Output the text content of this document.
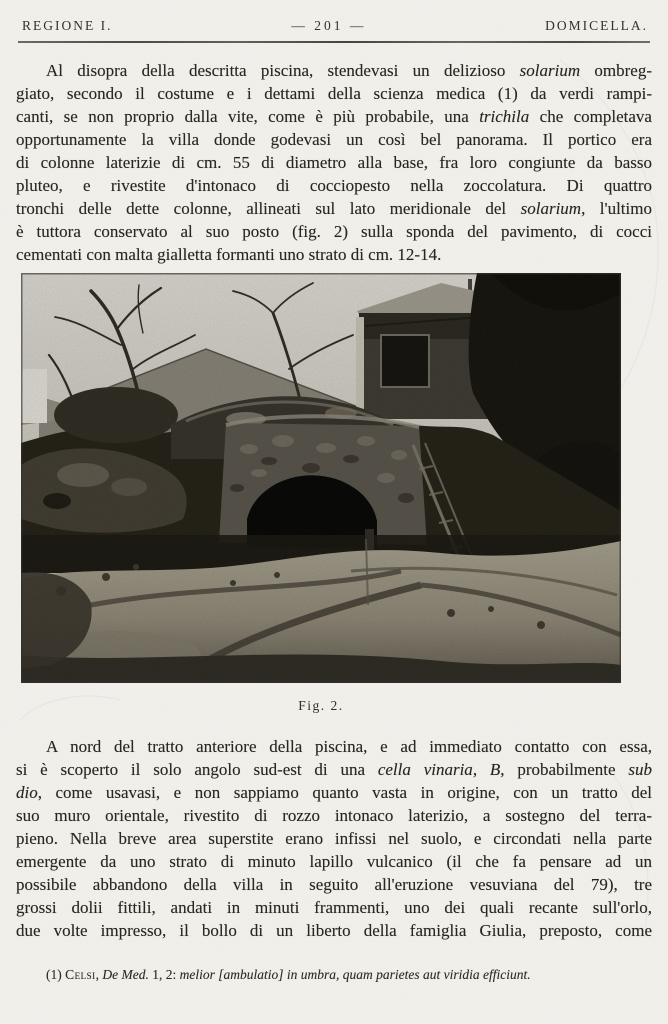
REGIONE I.	— 201 —	DOMICELLA.
Al disopra della descritta piscina, stendevasi un delizioso solarium ombreg-
giato, secondo il costume e i dettami della scienza medica (1) da verdi rampi-
canti, se non proprio dalla vite, come è più probabile, una trichila che completava
opportunamente la villa donde godevasi un così bel panorama. Il portico era
di colonne laterizie di cm. 55 di diametro alla base, fra loro congiunte da basso
pluteo, e rivestite d'intonaco di cocciopesto nella zoccolatura. Di quattro
tronchi delle dette colonne, allineati sul lato meridionale del solarium, l'ultimo
è tuttora conservato al suo posto (fig. 2) sulla sponda del pavimento, di cocci
cementati con malta gialletta formanti uno strato di cm. 12-14.
Fig. 2.
A nord del tratto anteriore della piscina, e ad immediato contatto con essa,
si è scoperto il solo angolo sud-est di una cella vinaria, B, probabilmente sub
dio, come usavasi, e non sappiamo quanto vasta in origine, con un tratto del
suo muro orientale, rivestito di rozzo intonaco laterizio, a sostegno del terra-
pieno. Nella breve area superstite erano infissi nel suolo, e circondati nella parte
emergente da uno strato di minuto lapillo vulcanico (il che fa pensare ad un
possibile abbandono della villa in seguito all'eruzione vesuviana del 79), tre
grossi dolii fittili, andati in minuti frammenti, uno dei quali recante sull'orlo,
due volte impresso, il bollo di un liberto della famiglia Giulia, preposto, come
(1) Celsi, De Med. 1, 2: melior [ambulatio] in umbra, quam parietes aut viridia efficiunt.
